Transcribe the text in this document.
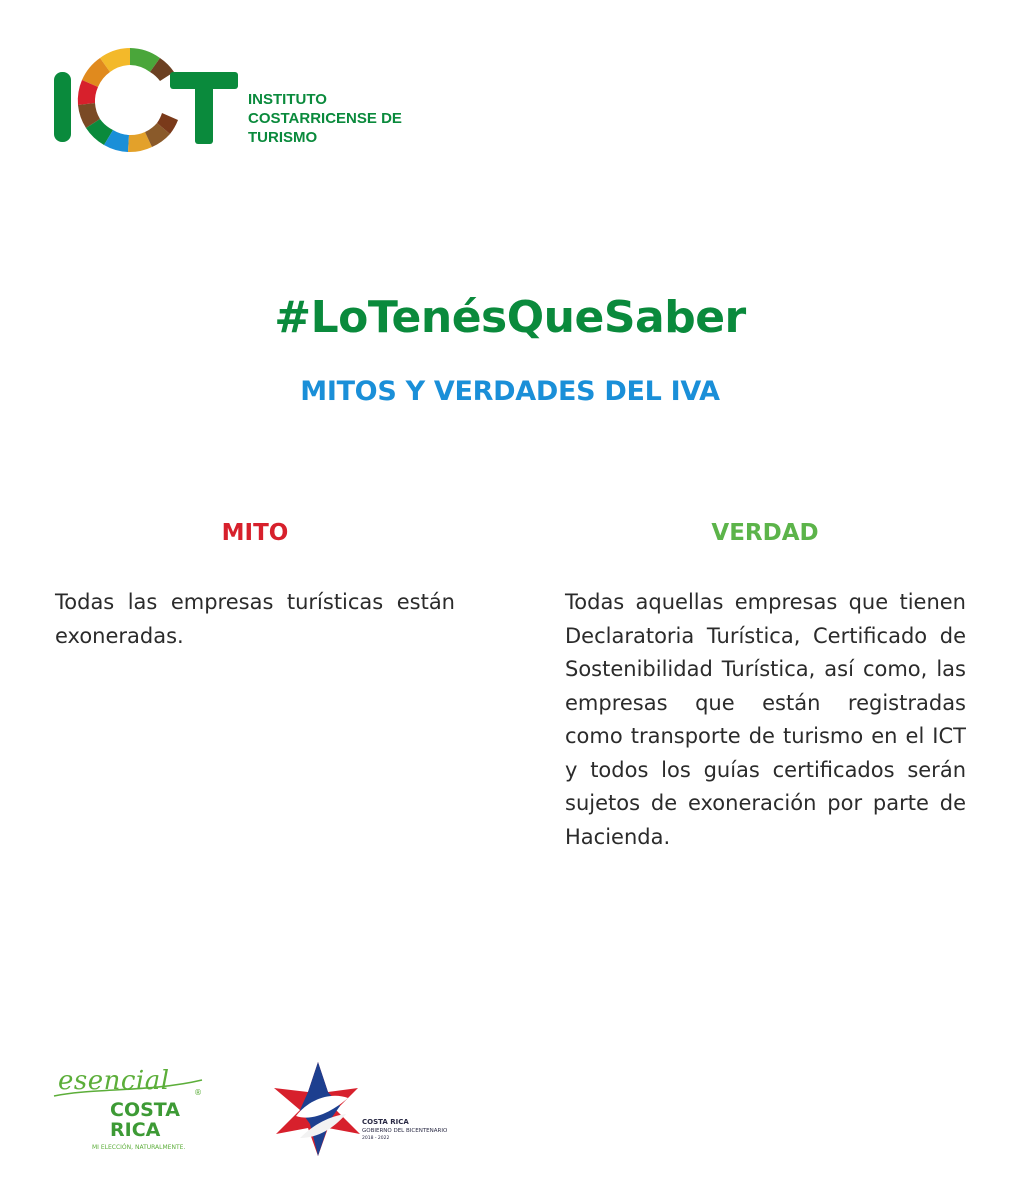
INSTITUTO
COSTARRICENSE DE
TURISMO
#LoTenésQueSaber
MITOS Y VERDADES DEL IVA
MITO	VERDAD
Todas las empresas turísticas están exoneradas.
Todas aquellas empresas que tienen Declaratoria Turística, Certificado de Sostenibilidad Turística, así como, las empresas que están registradas como transporte de turismo en el ICT y todos los guías certificados serán sujetos de exoneración por parte de Hacienda.
esencial	®
COSTA
RICA
MI ELECCIÓN, NATURALMENTE.
COSTA RICA
GOBIERNO DEL BICENTENARIO
2018 - 2022
